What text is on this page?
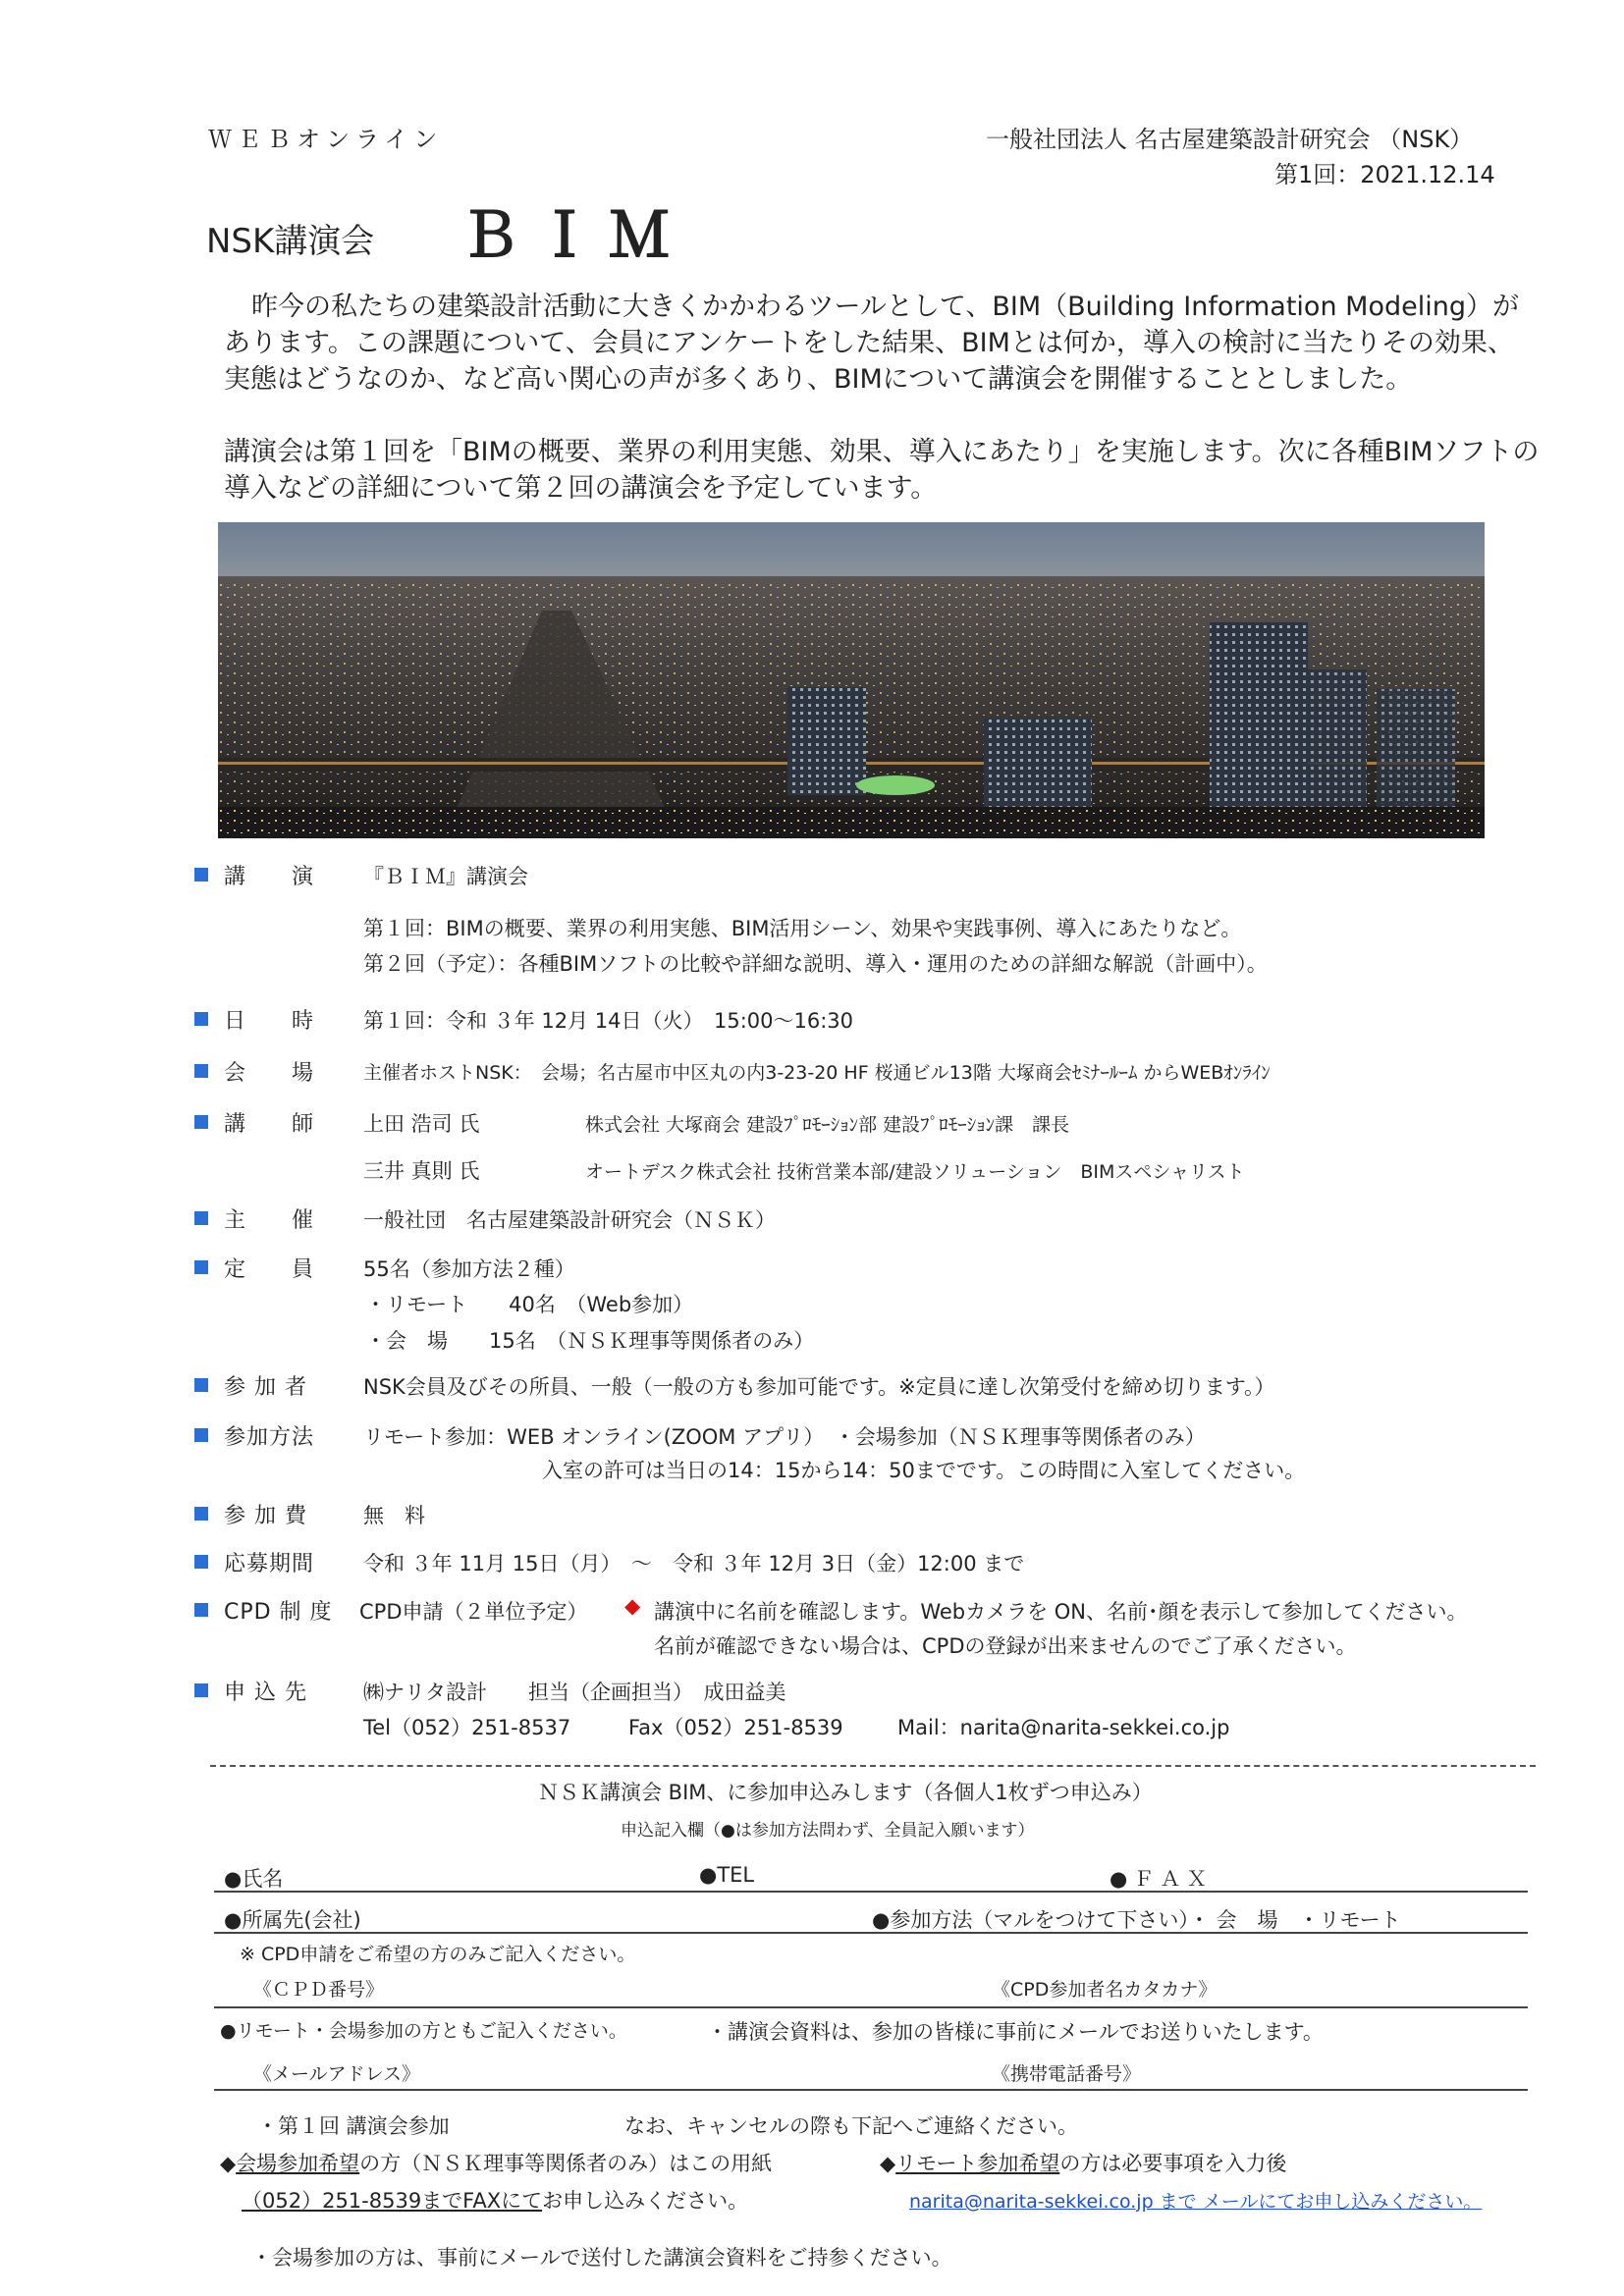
ＷＥＢオンライン	一般社団法人 名古屋建築設計研究会 （NSK）
第1回：2021.12.14
NSK講演会 ＢＩＭ
昨今の私たちの建築設計活動に大きくかかわるツールとして、BIM（Building Information Modeling）があります。この課題について、会員にアンケートをした結果、BIMとは何か，導入の検討に当たりその効果、実態はどうなのか、など高い関心の声が多くあり、BIMについて講演会を開催することとしました。
講演会は第１回を「BIMの概要、業界の利用実態、効果、導入にあたり」を実施します。次に各種BIMソフトの導入などの詳細について第２回の講演会を予定しています。
講　　演 『ＢＩＭ』講演会
第１回：BIMの概要、業界の利用実態、BIM活用シーン、効果や実践事例、導入にあたりなど。
第２回（予定）：各種BIMソフトの比較や詳細な説明、導入・運用のための詳細な解説（計画中）。
日　　時 第１回：令和 ３年 12月 14日（火）　15:00～16:30
会　　場	主催者ホストNSK：　会場；名古屋市中区丸の内3-23-20 HF 桜通ビル13階 大塚商会ｾﾐﾅｰﾙｰﾑ からWEBｵﾝﾗｲﾝ
講　　師 上田 浩司 氏	株式会社 大塚商会 建設ﾌﾟﾛﾓｰｼｮﾝ部 建設ﾌﾟﾛﾓｰｼｮﾝ課　課長
三井 真則 氏	オートデスク株式会社 技術営業本部/建設ソリューション　BIMスペシャリスト
主　　催 一般社団　名古屋建築設計研究会（ＮＳＫ）
定　　員 55名（参加方法２種）
・リモート　　40名　（Web参加）
・会　場　　15名　（ＮＳＫ理事等関係者のみ）
参 加 者	NSK会員及びその所員、一般（一般の方も参加可能です。※定員に達し次第受付を締め切ります。）
参加方法 リモート参加：WEB オンライン(ZOOM アプリ）　・会場参加（ＮＳＫ理事等関係者のみ）
入室の許可は当日の14：15から14：50までです。この時間に入室してください。
参 加 費	無　料
応募期間 令和 ３年 11月 15日（月）　～　令和 ３年 12月 3日（金）12:00 まで
CPD 制 度 CPD申請（２単位予定） ◆ 講演中に名前を確認します。Webカメラを ON、名前･顔を表示して参加してください。
名前が確認できない場合は、CPDの登録が出来ませんのでご了承ください。
申 込 先	㈱ナリタ設計　　担当（企画担当）　成田益美
Tel（052）251-8537	Fax（052）251-8539	Mail：narita@narita-sekkei.co.jp
ＮＳＫ講演会 BIM、に参加申込みします（各個人1枚ずつ申込み）
申込記入欄（●は参加方法問わず、全員記入願います）
●氏名	●TEL	●ＦＡＸ
●所属先(会社)	●参加方法（マルをつけて下さい）・ 会　場　・リモート
※ CPD申請をご希望の方のみご記入ください。
《ＣＰＤ番号》	《CPD参加者名カタカナ》
●リモート・会場参加の方ともご記入ください。	・講演会資料は、参加の皆様に事前にメールでお送りいたします。
《メールアドレス》	《携帯電話番号》
・第１回 講演会参加	なお、キャンセルの際も下記へご連絡ください。
◆会場参加希望の方（ＮＳＫ理事等関係者のみ）はこの用紙	◆リモート参加希望の方は必要事項を入力後
（052）251-8539までFAXにてお申し込みください。	narita@narita-sekkei.co.jp まで メールにてお申し込みください。
・会場参加の方は、事前にメールで送付した講演会資料をご持参ください。
